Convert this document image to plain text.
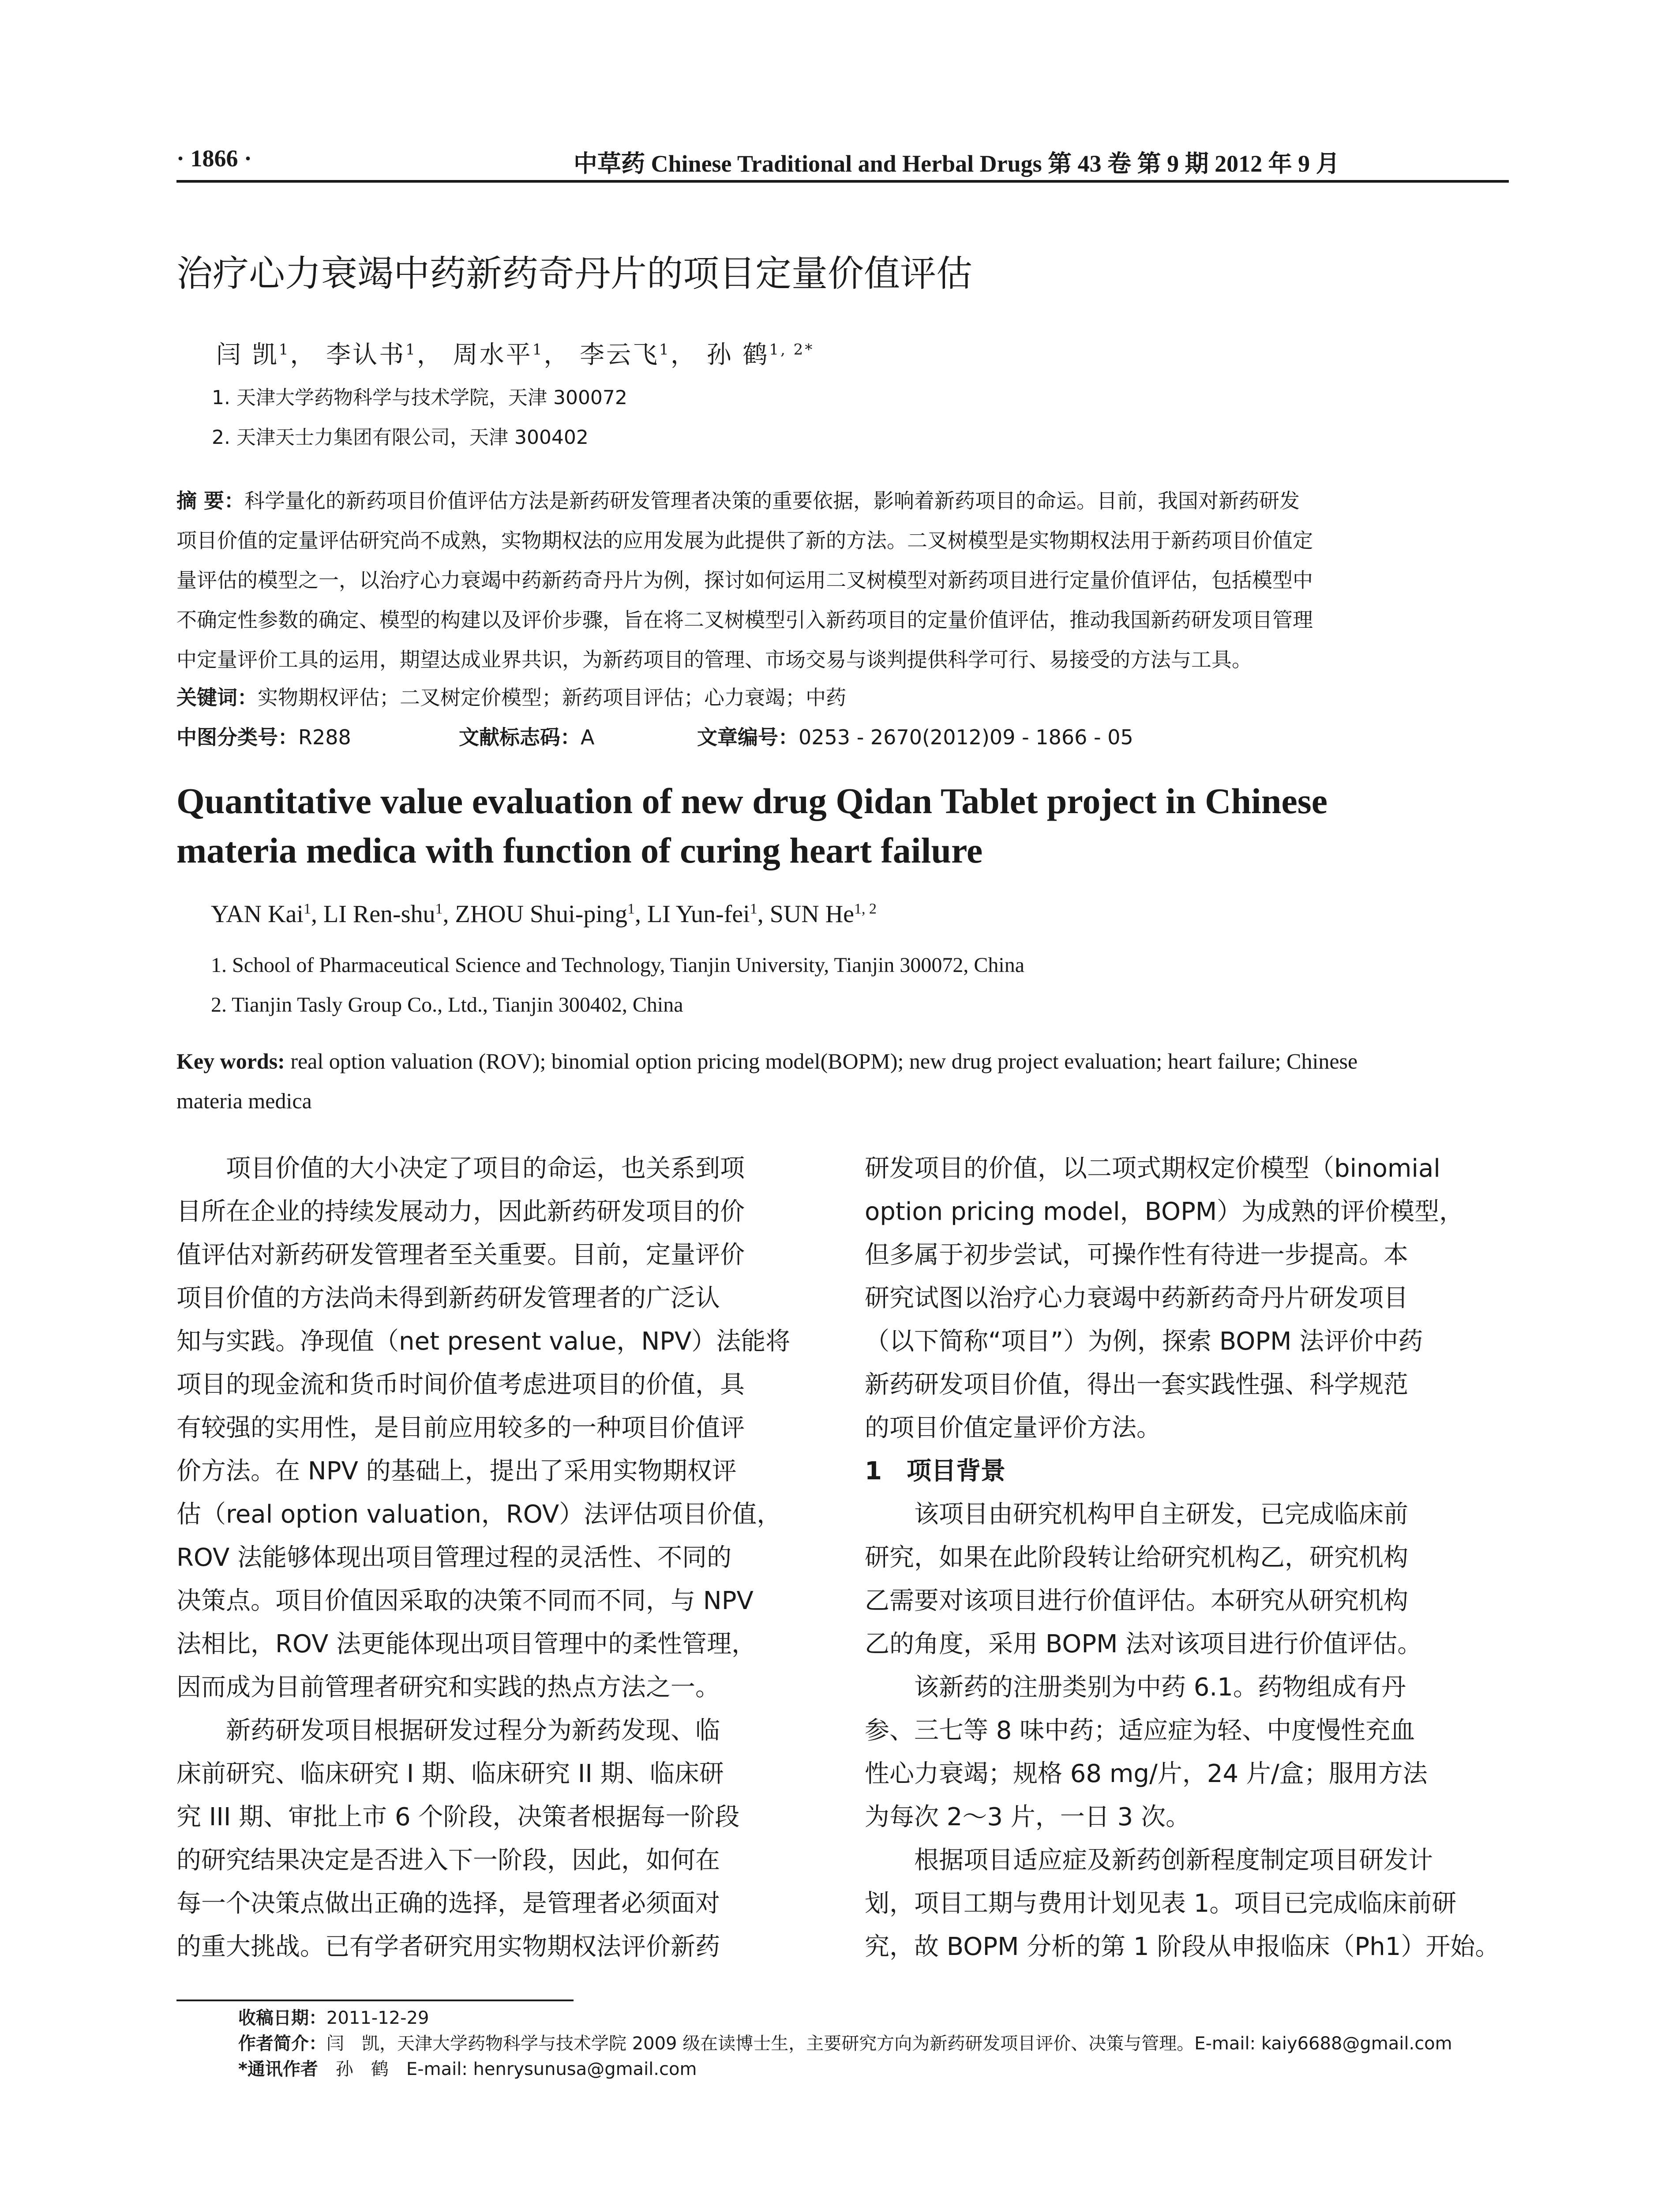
· 1866 ·	中草药 Chinese Traditional and Herbal Drugs 第 43 卷 第 9 期 2012 年 9 月
治疗心力衰竭中药新药奇丹片的项目定量价值评估
闫 凯$^1$， 李认书$^1$， 周水平$^1$， 李云飞$^1$， 孙 鹤$^{1, 2*}$
1. 天津大学药物科学与技术学院，天津 300072
2. 天津天士力集团有限公司，天津 300402
摘 要：科学量化的新药项目价值评估方法是新药研发管理者决策的重要依据，影响着新药项目的命运。目前，我国对新药研发
项目价值的定量评估研究尚不成熟，实物期权法的应用发展为此提供了新的方法。二叉树模型是实物期权法用于新药项目价值定
量评估的模型之一，以治疗心力衰竭中药新药奇丹片为例，探讨如何运用二叉树模型对新药项目进行定量价值评估，包括模型中
不确定性参数的确定、模型的构建以及评价步骤，旨在将二叉树模型引入新药项目的定量价值评估，推动我国新药研发项目管理
中定量评价工具的运用，期望达成业界共识，为新药项目的管理、市场交易与谈判提供科学可行、易接受的方法与工具。
关键词：实物期权评估；二叉树定价模型；新药项目评估；心力衰竭；中药
中图分类号：R288	文献标志码：A	文章编号：0253 - 2670(2012)09 - 1866 - 05
Quantitative value evaluation of new drug Qidan Tablet project in Chinese
materia medica with function of curing heart failure
YAN Kai$^1$, LI Ren-shu$^1$, ZHOU Shui-ping$^1$, LI Yun-fei$^1$, SUN He$^{1, 2}$
1. School of Pharmaceutical Science and Technology, Tianjin University, Tianjin 300072, China
2. Tianjin Tasly Group Co., Ltd., Tianjin 300402, China
Key words: real option valuation (ROV); binomial option pricing model(BOPM); new drug project evaluation; heart failure; Chinese
materia medica
　　项目价值的大小决定了项目的命运，也关系到项
目所在企业的持续发展动力，因此新药研发项目的价
值评估对新药研发管理者至关重要。目前，定量评价
项目价值的方法尚未得到新药研发管理者的广泛认
知与实践。净现值（net present value，NPV）法能将
项目的现金流和货币时间价值考虑进项目的价值，具
有较强的实用性，是目前应用较多的一种项目价值评
价方法。在 NPV 的基础上，提出了采用实物期权评
估（real option valuation，ROV）法评估项目价值，
ROV 法能够体现出项目管理过程的灵活性、不同的
决策点。项目价值因采取的决策不同而不同，与 NPV
法相比，ROV 法更能体现出项目管理中的柔性管理，
因而成为目前管理者研究和实践的热点方法之一。
　　新药研发项目根据研发过程分为新药发现、临
床前研究、临床研究 I 期、临床研究 II 期、临床研
究 III 期、审批上市 6 个阶段，决策者根据每一阶段
的研究结果决定是否进入下一阶段，因此，如何在
每一个决策点做出正确的选择，是管理者必须面对
的重大挑战。已有学者研究用实物期权法评价新药
研发项目的价值，以二项式期权定价模型（binomial
option pricing model，BOPM）为成熟的评价模型，
但多属于初步尝试，可操作性有待进一步提高。本
研究试图以治疗心力衰竭中药新药奇丹片研发项目
（以下简称“项目”）为例，探索 BOPM 法评价中药
新药研发项目价值，得出一套实践性强、科学规范
的项目价值定量评价方法。
1　项目背景
　　该项目由研究机构甲自主研发，已完成临床前
研究，如果在此阶段转让给研究机构乙，研究机构
乙需要对该项目进行价值评估。本研究从研究机构
乙的角度，采用 BOPM 法对该项目进行价值评估。
　　该新药的注册类别为中药 6.1。药物组成有丹
参、三七等 8 味中药；适应症为轻、中度慢性充血
性心力衰竭；规格 68 mg/片，24 片/盒；服用方法
为每次 2～3 片，一日 3 次。
　　根据项目适应症及新药创新程度制定项目研发计
划，项目工期与费用计划见表 1。项目已完成临床前研
究，故 BOPM 分析的第 1 阶段从申报临床（Ph1）开始。
收稿日期：2011-12-29
作者简介：闫　凯，天津大学药物科学与技术学院 2009 级在读博士生，主要研究方向为新药研发项目评价、决策与管理。E-mail: kaiy6688@gmail.com
*通讯作者　 孙　鹤　E-mail: henrysunusa@gmail.com
